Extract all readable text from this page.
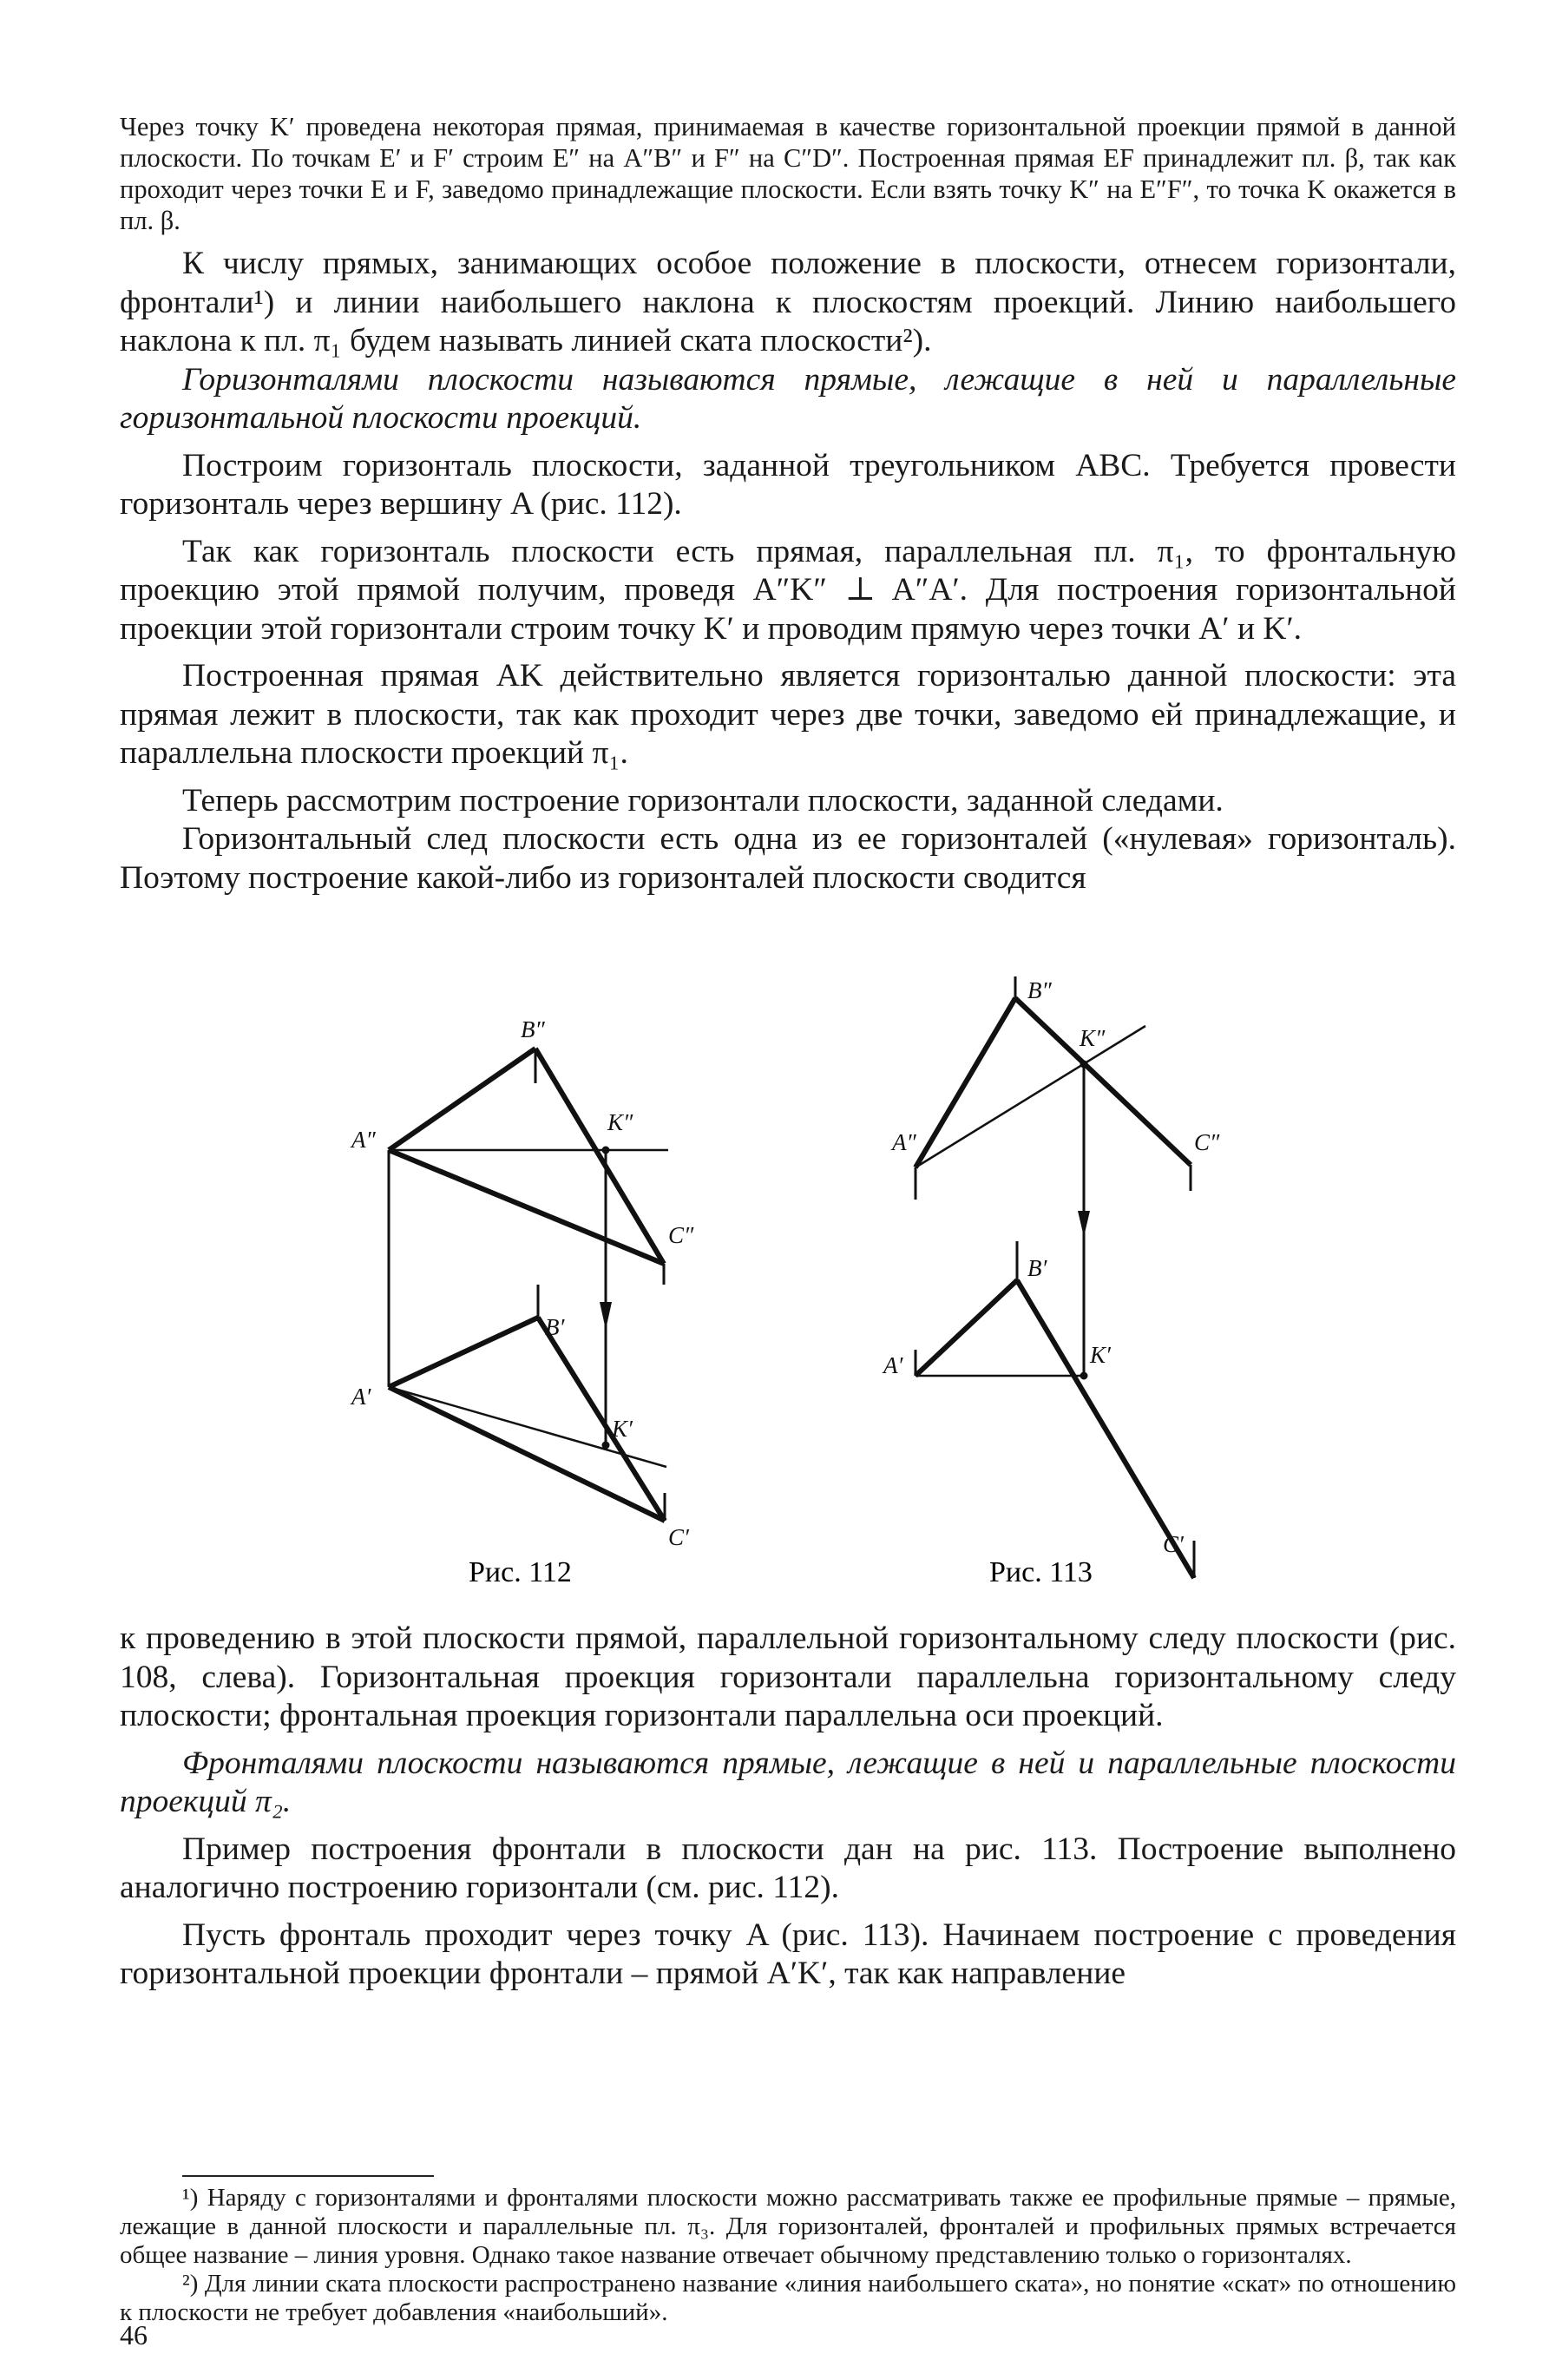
Через точку K′ проведена некоторая прямая, принимаемая в качестве горизонтальной проекции прямой в данной плоскости. По точкам E′ и F′ строим E″ на A″B″ и F″ на C″D″. Построенная прямая EF принадлежит пл. β, так как проходит через точки E и F, заведомо принадлежащие плоскости. Если взять точку K″ на E″F″, то точка K окажется в пл. β.

К числу прямых, занимающих особое положение в плоскости, отнесем горизонтали, фронтали¹) и линии наибольшего наклона к плоскостям проекций. Линию наибольшего наклона к пл. π₁ будем называть линией ската плоскости²).

Горизонталями плоскости называются прямые, лежащие в ней и параллельные горизонтальной плоскости проекций.

Построим горизонталь плоскости, заданной треугольником ABC. Требуется провести горизонталь через вершину A (рис. 112).

Так как горизонталь плоскости есть прямая, параллельная пл. π₁, то фронтальную проекцию этой прямой получим, проведя A″K″ ⊥ A″A′. Для построения горизонтальной проекции этой горизонтали строим точку K′ и проводим прямую через точки A′ и K′.

Построенная прямая AK действительно является горизонталью данной плоскости: эта прямая лежит в плоскости, так как проходит через две точки, заведомо ей принадлежащие, и параллельна плоскости проекций π₁.

Теперь рассмотрим построение горизонтали плоскости, заданной следами.

Горизонтальный след плоскости есть одна из ее горизонталей («нулевая» горизонталь). Поэтому построение какой-либо из горизонталей плоскости сводится

B″
A″
K″
C″
B′
A′
K′
C′
Рис. 112
B″
K″
A″	C″
B′
A′	K′
C′
Рис. 113

к проведению в этой плоскости прямой, параллельной горизонтальному следу плоскости (рис. 108, слева). Горизонтальная проекция горизонтали параллельна горизонтальному следу плоскости; фронтальная проекция горизонтали параллельна оси проекций.

Фронталями плоскости называются прямые, лежащие в ней и параллельные плоскости проекций π₂.

Пример построения фронтали в плоскости дан на рис. 113. Построение выполнено аналогично построению горизонтали (см. рис. 112).

Пусть фронталь проходит через точку A (рис. 113). Начинаем построение с проведения горизонтальной проекции фронтали – прямой A′K′, так как направление

¹) Наряду с горизонталями и фронталями плоскости можно рассматривать также ее профильные прямые – прямые, лежащие в данной плоскости и параллельные пл. π₃. Для горизонталей, фронталей и профильных прямых встречается общее название – линия уровня. Однако такое название отвечает обычному представлению только о горизонталях.

²) Для линии ската плоскости распространено название «линия наибольшего ската», но понятие «скат» по отношению к плоскости не требует добавления «наибольший».

46
